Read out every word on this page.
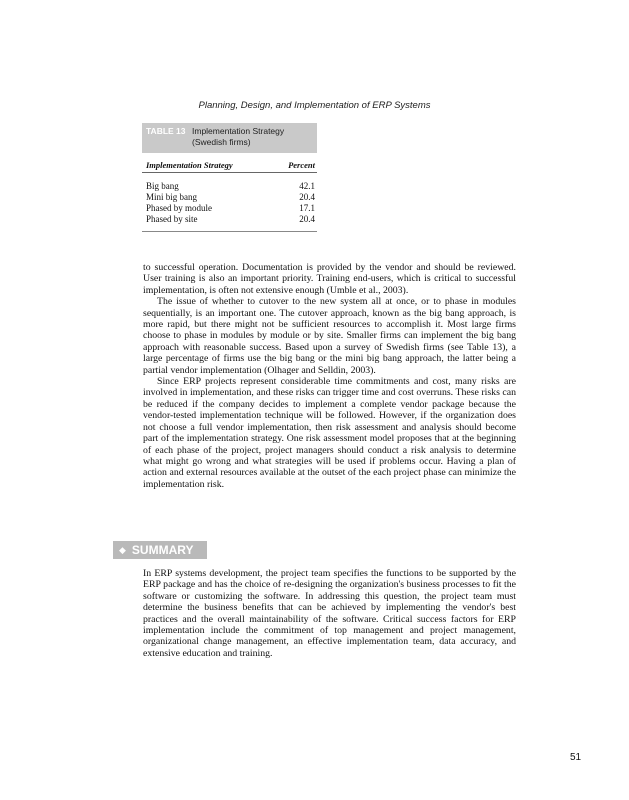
Planning, Design, and Implementation of ERP Systems
TABLE 13 Implementation Strategy
(Swedish firms)
Implementation Strategy	Percent
Big bang	42.1
Mini big bang	20.4
Phased by module	17.1
Phased by site	20.4

to successful operation. Documentation is provided by the vendor and should be reviewed. User training is also an important priority. Training end-users, which is critical to successful implementation, is often not extensive enough (Umble et al., 2003).

The issue of whether to cutover to the new system all at once, or to phase in modules sequentially, is an important one. The cutover approach, known as the big bang approach, is more rapid, but there might not be sufficient resources to accomplish it. Most large firms choose to phase in modules by module or by site. Smaller firms can implement the big bang approach with reasonable success. Based upon a survey of Swedish firms (see Table 13), a large percentage of firms use the big bang or the mini big bang approach, the latter being a partial vendor implementation (Olhager and Selldin, 2003).

Since ERP projects represent considerable time commitments and cost, many risks are involved in implementation, and these risks can trigger time and cost overruns. These risks can be reduced if the company decides to implement a complete vendor package because the vendor-tested implementation technique will be followed. However, if the organization does not choose a full vendor implementation, then risk assessment and analysis should become part of the implementation strategy. One risk assessment model proposes that at the beginning of each phase of the project, project managers should conduct a risk analysis to determine what might go wrong and what strategies will be used if problems occur. Having a plan of action and external resources available at the outset of the each project phase can minimize the implementation risk.

◆ SUMMARY

In ERP systems development, the project team specifies the functions to be supported by the ERP package and has the choice of re-designing the organization's business processes to fit the software or customizing the software. In addressing this question, the project team must determine the business benefits that can be achieved by implementing the vendor's best practices and the overall maintainability of the software. Critical success factors for ERP implementation include the commitment of top management and project management, organizational change management, an effective implementation team, data accuracy, and extensive education and training.

51
